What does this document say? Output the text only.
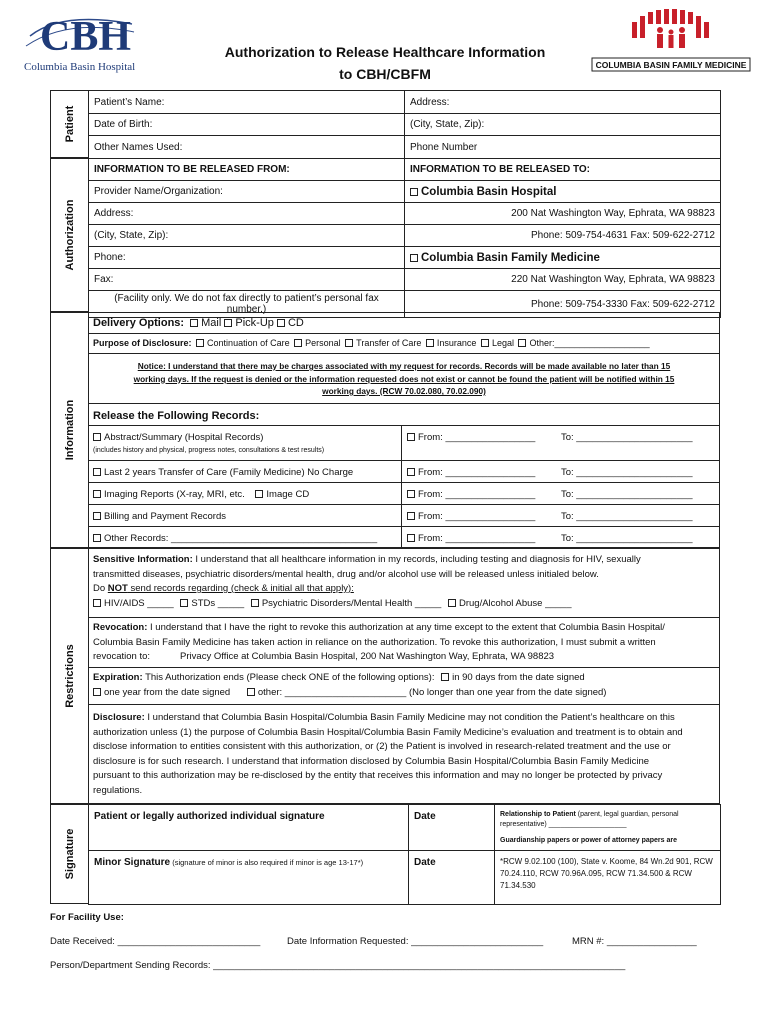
CBH
Columbia Basin Hospital
Authorization to Release Healthcare Information
to CBH/CBFM
COLUMBIA BASIN FAMILY MEDICINE
Patient
Patient’s Name:	Address:
Date of Birth:	(City, State, Zip):
Other Names Used:	Phone Number
Authorization
INFORMATION TO BE RELEASED FROM:	INFORMATION TO BE RELEASED TO:
Provider Name/Organization:	Columbia Basin Hospital
Address:	200 Nat Washington Way, Ephrata, WA 98823
(City, State, Zip):	Phone: 509-754-4631 Fax: 509-622-2712
Phone:	Columbia Basin Family Medicine
Fax:	220 Nat Washington Way, Ephrata, WA 98823
(Facility only. We do not fax directly to patient’s personal fax number.)	Phone: 509-754-3330 Fax: 509-622-2712
Information
Delivery Options: Mail Pick-Up CD
Purpose of Disclosure: Continuation of Care Personal Transfer of Care Insurance Legal Other:___________________
Notice: I understand that there may be charges associated with my request for records. Records will be made available no later than 15
working days. If the request is denied or the information requested does not exist or cannot be found the patient will be notified within 15
working days. (RCW 70.02.080, 70.02.090)
Release the Following Records:
Abstract/Summary (Hospital Records)
(includes history and physical, progress notes, consultations & test results)
From: _________________	To: ______________________
Last 2 years Transfer of Care (Family Medicine) No Charge	From: _________________	To: ______________________
Imaging Reports (X-ray, MRI, etc. Image CD	From: _________________	To: ______________________
Billing and Payment Records	From: _________________	To: ______________________
Other Records: _______________________________________	From: _________________	To: ______________________
Restrictions
Sensitive Information: I understand that all healthcare information in my records, including testing and diagnosis for HIV, sexually
transmitted diseases, psychiatric disorders/mental health, drug and/or alcohol use will be released unless initialed below.
Do NOT send records regarding (check & initial all that apply):
HIV/AIDS _____ STDs _____ Psychiatric Disorders/Mental Health _____ Drug/Alcohol Abuse _____
Revocation: I understand that I have the right to revoke this authorization at any time except to the extent that Columbia Basin Hospital/
Columbia Basin Family Medicine has taken action in reliance on the authorization. To revoke this authorization, I must submit a written
revocation to:	Privacy Office at Columbia Basin Hospital, 200 Nat Washington Way, Ephrata, WA 98823
Expiration: This Authorization ends (Please check ONE of the following options): in 90 days from the date signed
one year from the date signed	other: _______________________ (No longer than one year from the date signed)
Disclosure: I understand that Columbia Basin Hospital/Columbia Basin Family Medicine may not condition the Patient’s healthcare on this
authorization unless (1) the purpose of Columbia Basin Hospital/Columbia Basin Family Medicine’s evaluation and treatment is to obtain and
disclose information to entities consistent with this authorization, or (2) the Patient is involved in research-related treatment and the use or
disclosure is for such research. I understand that information disclosed by Columbia Basin Hospital/Columbia Basin Family Medicine
pursuant to this authorization may be re-disclosed by the entity that receives this information and may no longer be protected by privacy
regulations.
Signature
Patient or legally authorized individual signature	Date	Relationship to Patient (parent, legal guardian, personal representative) ____________________

Guardianship papers or power of attorney papers are

Minor Signature (signature of minor is also required if minor is age 13-17*)	Date	*RCW 9.02.100 (100), State v. Koome, 84 Wn.2d 901, RCW 70.24.110, RCW 70.96A.095, RCW 71.34.500 & RCW 71.34.530
For Facility Use:
Date Received: ___________________________	Date Information Requested: _________________________	MRN #: _________________
Person/Department Sending Records: ______________________________________________________________________________
